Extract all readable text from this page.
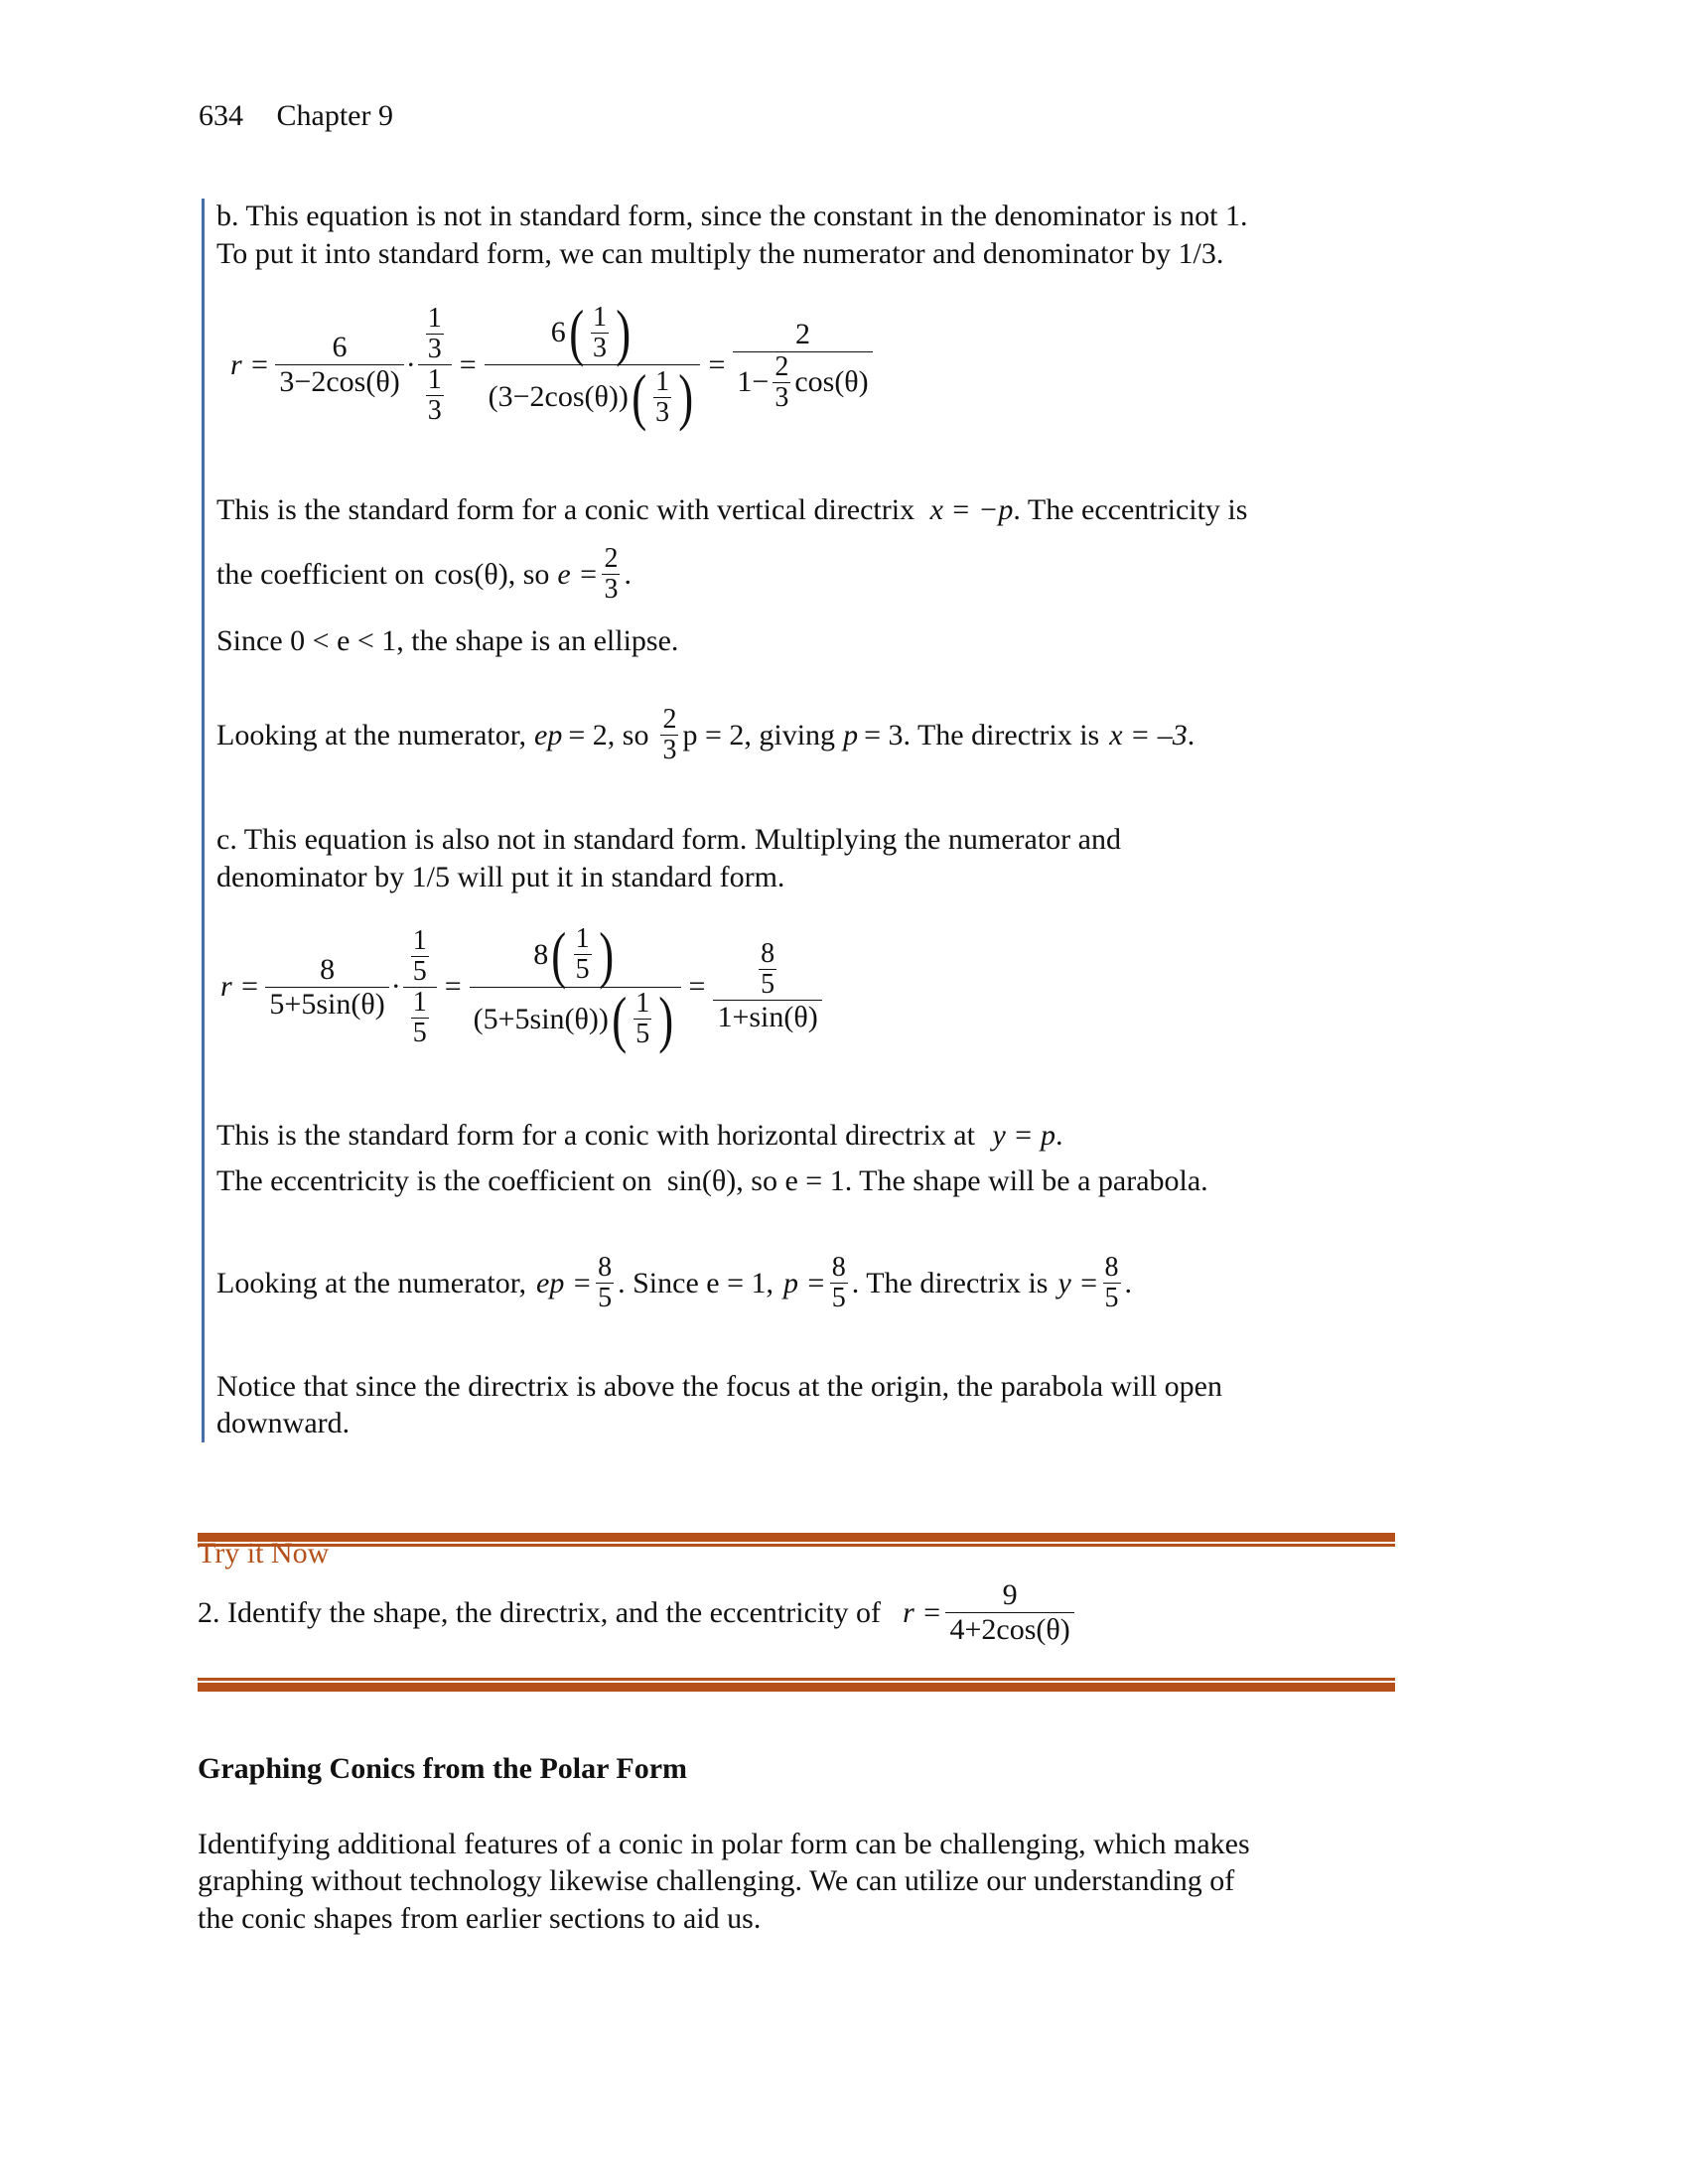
634 Chapter 9
b. This equation is not in standard form, since the constant in the denominator is not 1.
To put it into standard form, we can multiply the numerator and denominator by 1/3.
$r = \frac{6}{3-2\cos(\theta)} \cdot \frac{\frac{1}{3}}{\frac{1}{3}} = \frac{6 ( \frac{1}{3} )}{(3-2\cos(\theta)) ( \frac{1}{3} )} = \frac{2}{1- \frac{2}{3} \cos(\theta)}$
This is the standard form for a conic with vertical directrix x = −p. The eccentricity is
the coefficient on cos(θ) , so $e = \frac{2}{3}$ .
Since 0 < e < 1, the shape is an ellipse.
Looking at the numerator, ep = 2, so $\frac{2}{3}$ p = 2, giving p = 3. The directrix is x = –3 .
c. This equation is also not in standard form. Multiplying the numerator and
denominator by 1/5 will put it in standard form.
$r = \frac{8}{5+5\sin(\theta)} \cdot \frac{\frac{1}{5}}{\frac{1}{5}} = \frac{8 ( \frac{1}{5} )}{(5+5\sin(\theta)) ( \frac{1}{5} )} = \frac{\frac{8}{5}}{1+\sin(\theta)}$
This is the standard form for a conic with horizontal directrix at y = p.
The eccentricity is the coefficient on sin(θ), so e = 1. The shape will be a parabola.
Looking at the numerator, ep = $\frac{8}{5}$ . Since e = 1, $p = \frac{8}{5}$ . The directrix is $y = \frac{8}{5}$ .
Notice that since the directrix is above the focus at the origin, the parabola will open
downward.
Try it Now
2. Identify the shape, the directrix, and the eccentricity of $r = \frac{9}{4+2\cos(\theta)}$
Graphing Conics from the Polar Form
Identifying additional features of a conic in polar form can be challenging, which makes
graphing without technology likewise challenging. We can utilize our understanding of
the conic shapes from earlier sections to aid us.
